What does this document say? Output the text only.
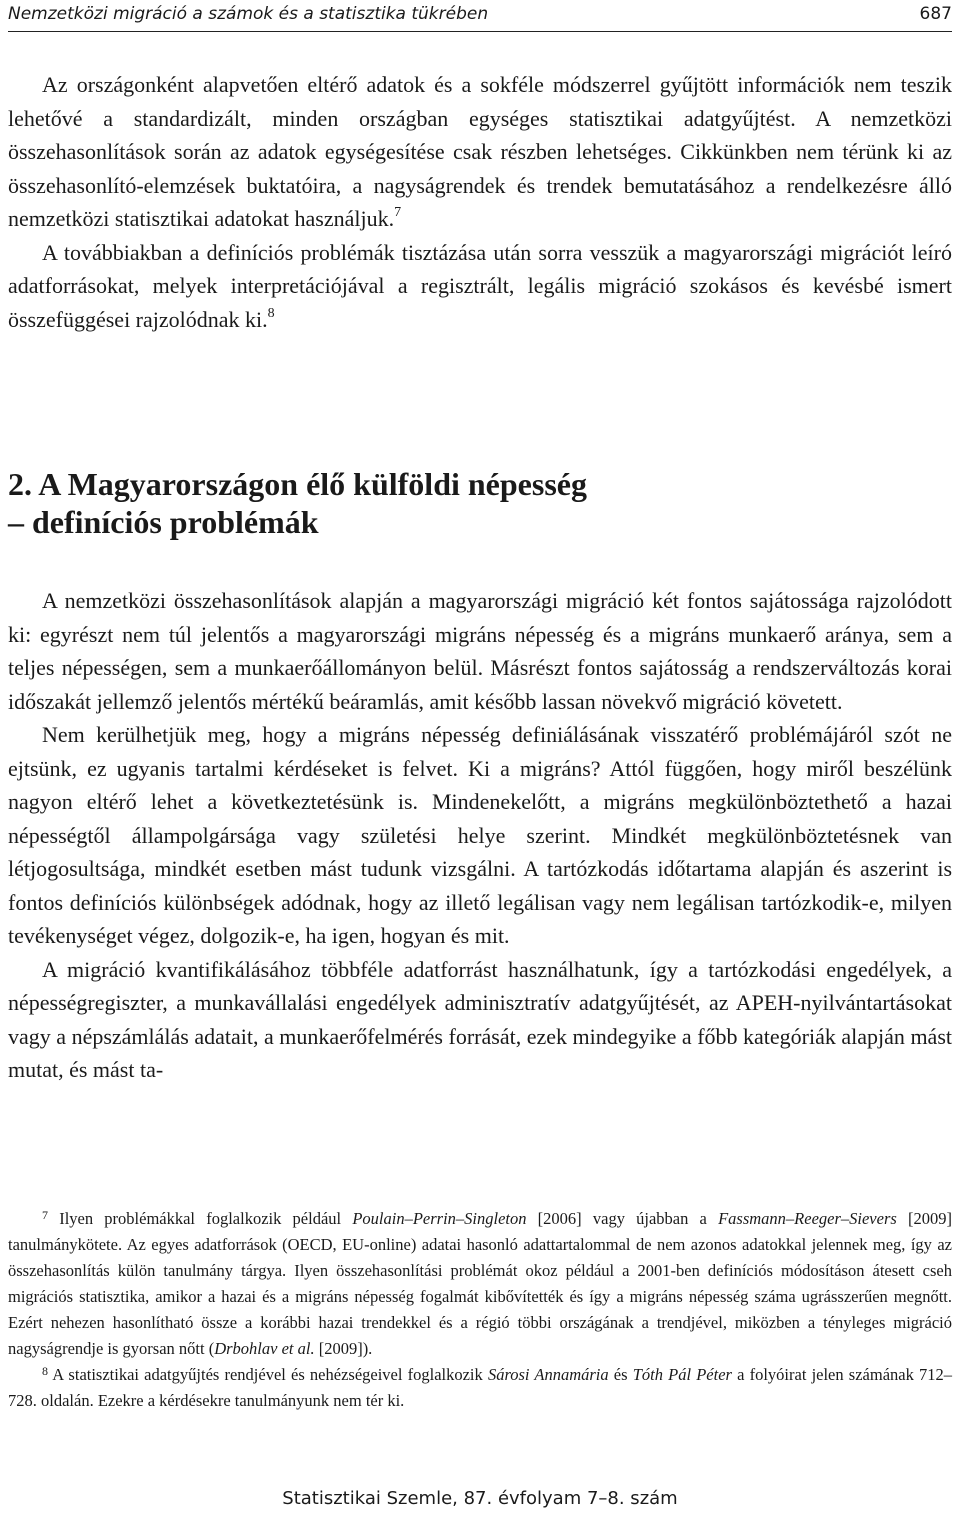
Nemzetközi migráció a számok és a statisztika tükrében	687

Az országonként alapvetően eltérő adatok és a sokféle módszerrel gyűjtött információk nem teszik lehetővé a standardizált, minden országban egységes statisztikai adatgyűjtést. A nemzetközi összehasonlítások során az adatok egységesítése csak részben lehetséges. Cikkünkben nem térünk ki az összehasonlító-elemzések buktatóira, a nagyságrendek és trendek bemutatásához a rendelkezésre álló nemzetközi statisztikai adatokat használjuk.$^7$

A továbbiakban a definíciós problémák tisztázása után sorra vesszük a magyarországi migrációt leíró adatforrásokat, melyek interpretációjával a regisztrált, legális migráció szokásos és kevésbé ismert összefüggései rajzolódnak ki.$^8$

2. A Magyarországon élő külföldi népesség
– definíciós problémák

A nemzetközi összehasonlítások alapján a magyarországi migráció két fontos sajátossága rajzolódott ki: egyrészt nem túl jelentős a magyarországi migráns népesség és a migráns munkaerő aránya, sem a teljes népességen, sem a munkaerőállományon belül. Másrészt fontos sajátosság a rendszerváltozás korai időszakát jellemző jelentős mértékű beáramlás, amit később lassan növekvő migráció követett.

Nem kerülhetjük meg, hogy a migráns népesség definiálásának visszatérő problémájáról szót ne ejtsünk, ez ugyanis tartalmi kérdéseket is felvet. Ki a migráns? Attól függően, hogy miről beszélünk nagyon eltérő lehet a következtetésünk is. Mindenekelőtt, a migráns megkülönböztethető a hazai népességtől állampolgársága vagy születési helye szerint. Mindkét megkülönböztetésnek van létjogosultsága, mindkét esetben mást tudunk vizsgálni. A tartózkodás időtartama alapján és aszerint is fontos definíciós különbségek adódnak, hogy az illető legálisan vagy nem legálisan tartózkodik-e, milyen tevékenységet végez, dolgozik-e, ha igen, hogyan és mit.

A migráció kvantifikálásához többféle adatforrást használhatunk, így a tartózkodási engedélyek, a népességregiszter, a munkavállalási engedélyek adminisztratív adatgyűjtését, az APEH-nyilvántartásokat vagy a népszámlálás adatait, a munkaerőfelmérés forrását, ezek mindegyike a főbb kategóriák alapján mást mutat, és mást ta-

$^7$ Ilyen problémákkal foglalkozik például Poulain–Perrin–Singleton [2006] vagy újabban a Fassmann–Reeger–Sievers [2009] tanulmánykötete. Az egyes adatforrások (OECD, EU-online) adatai hasonló adattartalommal de nem azonos adatokkal jelennek meg, így az összehasonlítás külön tanulmány tárgya. Ilyen összehasonlítási problémát okoz például a 2001-ben definíciós módosításon átesett cseh migrációs statisztika, amikor a hazai és a migráns népesség fogalmát kibővítették és így a migráns népesség száma ugrásszerűen megnőtt. Ezért nehezen hasonlítható össze a korábbi hazai trendekkel és a régió többi országának a trendjével, miközben a tényleges migráció nagyságrendje is gyorsan nőtt (Drbohlav et al. [2009]).

$^8$ A statisztikai adatgyűjtés rendjével és nehézségeivel foglalkozik Sárosi Annamária és Tóth Pál Péter a folyóirat jelen számának 712–728. oldalán. Ezekre a kérdésekre tanulmányunk nem tér ki.

Statisztikai Szemle, 87. évfolyam 7–8. szám
